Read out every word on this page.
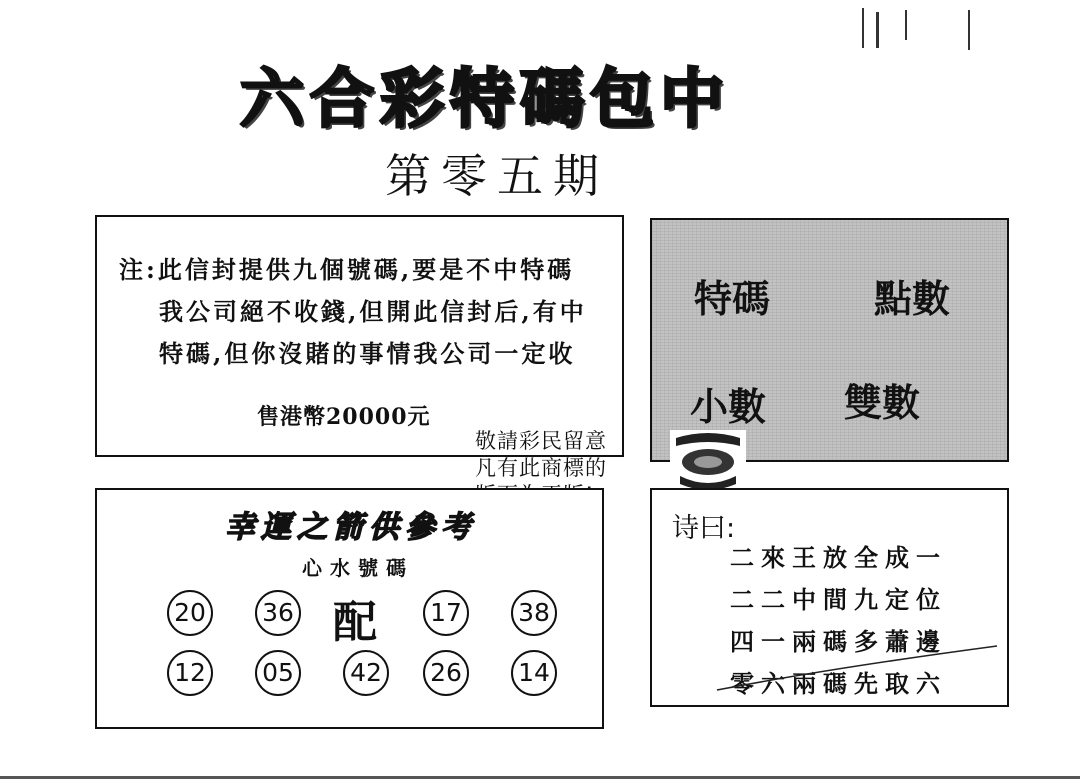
六合彩特碼包中
第零五期
注:此信封提供九個號碼,要是不中特碼
我公司絕不收錢,但開此信封后,有中
特碼,但你沒賭的事情我公司一定收
售港幣20000元
特碼	點數
小數 雙數
敬請彩民留意
凡有此商標的
幸運之箭供參考
心水號碼
20 36 配 17 38
12 05 42 26 14
诗曰:
二來王放全成一
二二中間九定位
四一兩碼多蕭邊
零六兩碼先取六
